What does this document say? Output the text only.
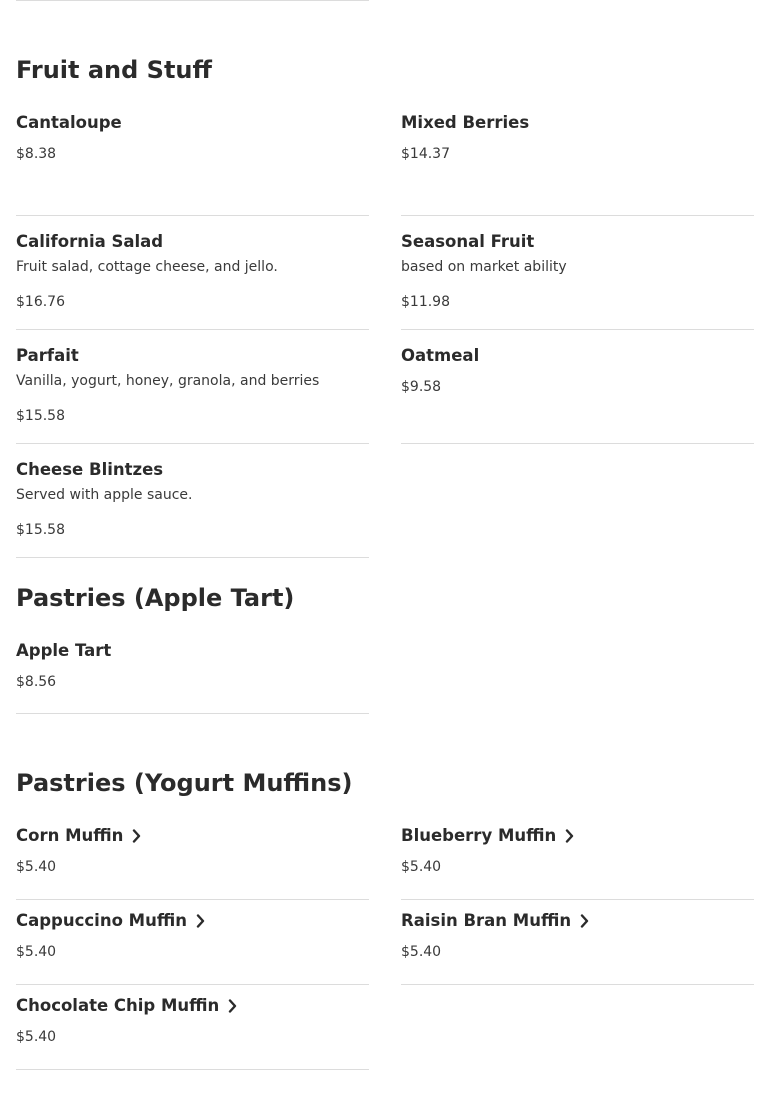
Fruit and Stuff
Cantaloupe
$8.38
Mixed Berries
$14.37
California Salad
Fruit salad, cottage cheese, and jello.
$16.76
Seasonal Fruit
based on market ability
$11.98
Parfait
Vanilla, yogurt, honey, granola, and berries
$15.58
Oatmeal
$9.58
Cheese Blintzes
Served with apple sauce.
$15.58
Pastries (Apple Tart)
Apple Tart
$8.56
Pastries (Yogurt Muffins)
Corn Muffin
$5.40
Blueberry Muffin
$5.40
Cappuccino Muffin
$5.40
Raisin Bran Muffin
$5.40
Chocolate Chip Muffin
$5.40
